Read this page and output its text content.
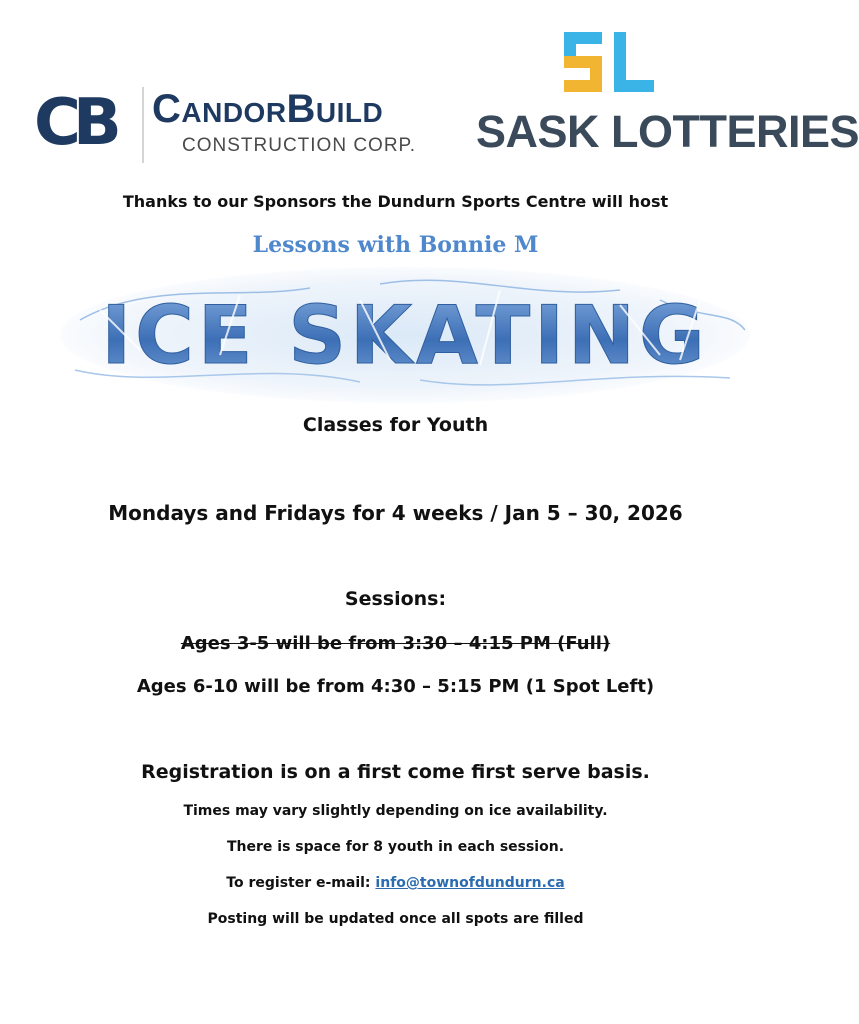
CB CandorBuild
CONSTRUCTION CORP. SASK LOTTERIES
Thanks to our Sponsors the Dundurn Sports Centre will host
Lessons with Bonnie M
ICE SKATING
Classes for Youth
Mondays and Fridays for 4 weeks / Jan 5 – 30, 2026
Sessions:
Ages 3-5 will be from 3:30 – 4:15 PM (Full)
Ages 6-10 will be from 4:30 – 5:15 PM (1 Spot Left)
Registration is on a first come first serve basis.
Times may vary slightly depending on ice availability.
There is space for 8 youth in each session.
To register e-mail: info@townofdundurn.ca
Posting will be updated once all spots are filled
